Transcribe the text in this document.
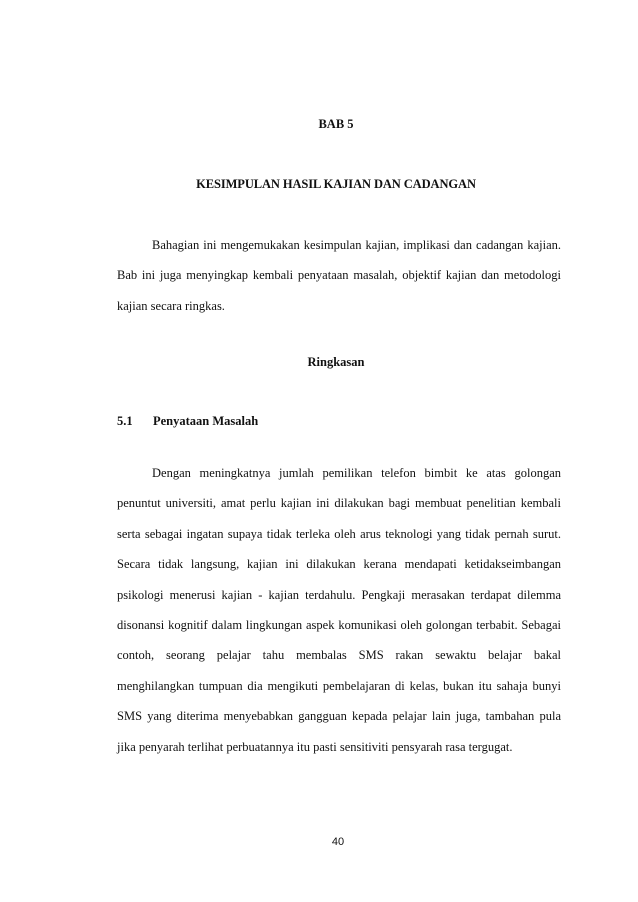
BAB 5
KESIMPULAN HASIL KAJIAN DAN CADANGAN

Bahagian ini mengemukakan kesimpulan kajian, implikasi dan cadangan kajian. Bab ini juga menyingkap kembali penyataan masalah, objektif kajian dan metodologi kajian secara ringkas.

Ringkasan
5.1 Penyataan Masalah

Dengan meningkatnya jumlah pemilikan telefon bimbit ke atas golongan penuntut universiti, amat perlu kajian ini dilakukan bagi membuat penelitian kembali serta sebagai ingatan supaya tidak terleka oleh arus teknologi yang tidak pernah surut. Secara tidak langsung, kajian ini dilakukan kerana mendapati ketidakseimbangan psikologi menerusi kajian - kajian terdahulu. Pengkaji merasakan terdapat dilemma disonansi kognitif dalam lingkungan aspek komunikasi oleh golongan terbabit. Sebagai contoh, seorang pelajar tahu membalas SMS rakan sewaktu belajar bakal menghilangkan tumpuan dia mengikuti pembelajaran di kelas, bukan itu sahaja bunyi SMS yang diterima menyebabkan gangguan kepada pelajar lain juga, tambahan pula jika penyarah terlihat perbuatannya itu pasti sensitiviti pensyarah rasa tergugat.

40
